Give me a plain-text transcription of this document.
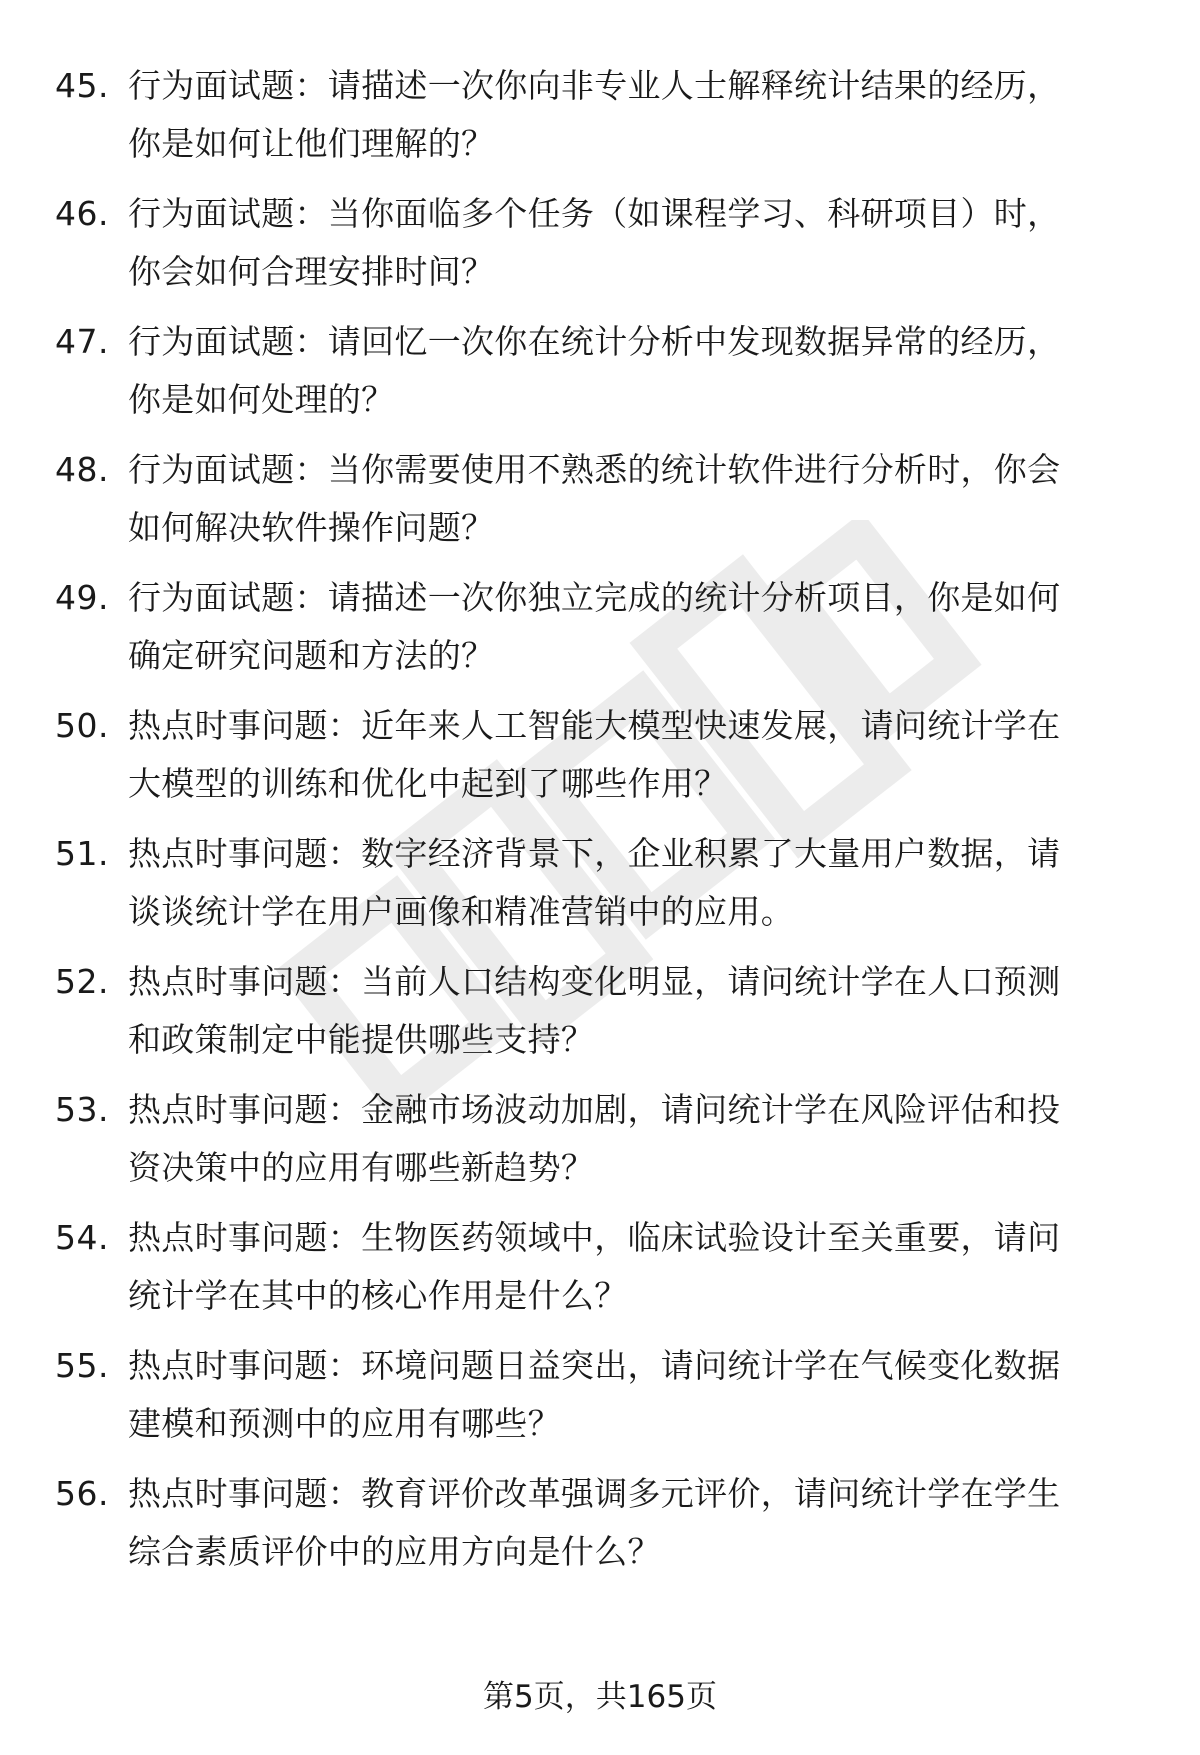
45. 行为面试题：请描述一次你向非专业人士解释统计结果的经历，
你是如何让他们理解的？
46. 行为面试题：当你面临多个任务（如课程学习、科研项目）时，
你会如何合理安排时间？
47. 行为面试题：请回忆一次你在统计分析中发现数据异常的经历，
你是如何处理的？
48. 行为面试题：当你需要使用不熟悉的统计软件进行分析时，你会
如何解决软件操作问题？
49. 行为面试题：请描述一次你独立完成的统计分析项目，你是如何
确定研究问题和方法的？
50. 热点时事问题：近年来人工智能大模型快速发展，请问统计学在
大模型的训练和优化中起到了哪些作用？
51. 热点时事问题：数字经济背景下，企业积累了大量用户数据，请
谈谈统计学在用户画像和精准营销中的应用。
52. 热点时事问题：当前人口结构变化明显，请问统计学在人口预测
和政策制定中能提供哪些支持？
53. 热点时事问题：金融市场波动加剧，请问统计学在风险评估和投
资决策中的应用有哪些新趋势？
54. 热点时事问题：生物医药领域中，临床试验设计至关重要，请问
统计学在其中的核心作用是什么？
55. 热点时事问题：环境问题日益突出，请问统计学在气候变化数据
建模和预测中的应用有哪些？
56. 热点时事问题：教育评价改革强调多元评价，请问统计学在学生
综合素质评价中的应用方向是什么？
第5页，共165页
